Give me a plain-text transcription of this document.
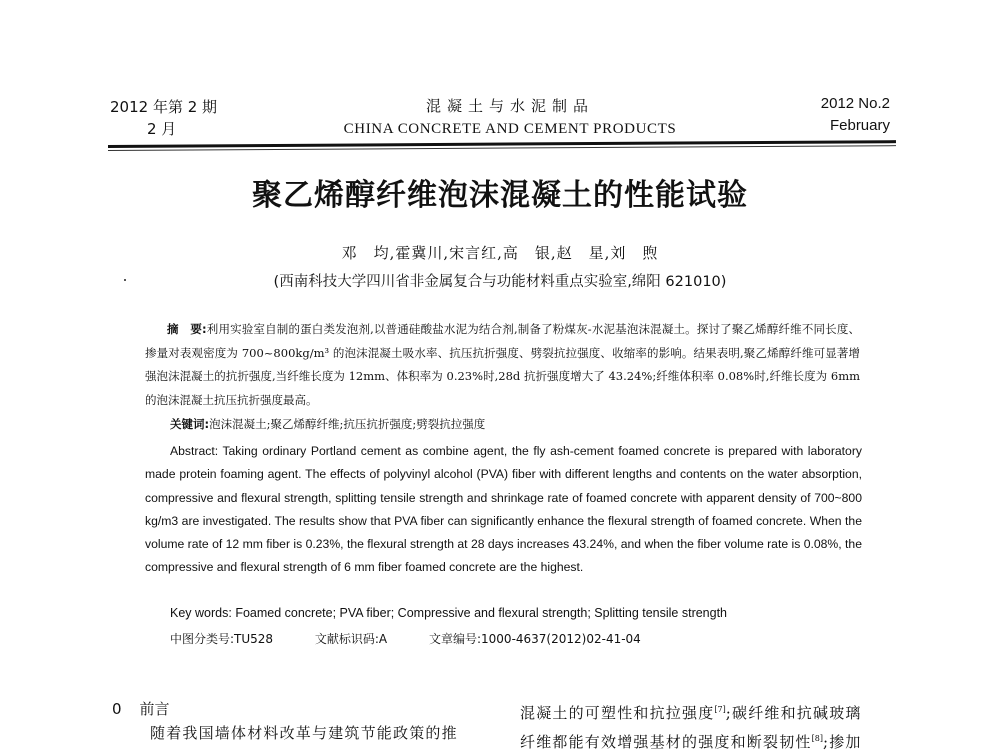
2012 年第 2 期
2 月
混凝土与水泥制品
CHINA CONCRETE AND CEMENT PRODUCTS
2012 No.2
February
聚乙烯醇纤维泡沫混凝土的性能试验
邓　均,霍冀川,宋言红,高　银,赵　星,刘　煦
(西南科技大学四川省非金属复合与功能材料重点实验室,绵阳 621010)
摘　要:利用实验室自制的蛋白类发泡剂,以普通硅酸盐水泥为结合剂,制备了粉煤灰-水泥基泡沫混凝土。探讨了聚乙烯醇纤维不同长度、掺量对表观密度为 700~800kg/m³ 的泡沫混凝土吸水率、抗压抗折强度、劈裂抗拉强度、收缩率的影响。结果表明,聚乙烯醇纤维可显著增强泡沫混凝土的抗折强度,当纤维长度为 12mm、体积率为 0.23%时,28d 抗折强度增大了 43.24%;纤维体积率 0.08%时,纤维长度为 6mm 的泡沫混凝土抗压抗折强度最高。
关键词:泡沫混凝土;聚乙烯醇纤维;抗压抗折强度;劈裂抗拉强度
Abstract: Taking ordinary Portland cement as combine agent, the fly ash-cement foamed concrete is prepared with laboratory made protein foaming agent. The effects of polyvinyl alcohol (PVA) fiber with different lengths and contents on the water absorption, compressive and flexural strength, splitting tensile strength and shrinkage rate of foamed concrete with apparent density of 700~800 kg/m3 are investigated. The results show that PVA fiber can significantly enhance the flexural strength of foamed concrete. When the volume rate of 12 mm fiber is 0.23%, the flexural strength at 28 days increases 43.24%, and when the fiber volume rate is 0.08%, the compressive and flexural strength of 6 mm fiber foamed concrete are the highest.
Key words: Foamed concrete; PVA fiber; Compressive and flexural strength; Splitting tensile strength
中图分类号:TU528	文献标识码:A	文章编号:1000-4637(2012)02-41-04
0 前言
随着我国墙体材料改革与建筑节能政策的推
混凝土的可塑性和抗拉强度[7];碳纤维和抗碱玻璃
纤维都能有效增强基材的强度和断裂韧性[8];掺加
